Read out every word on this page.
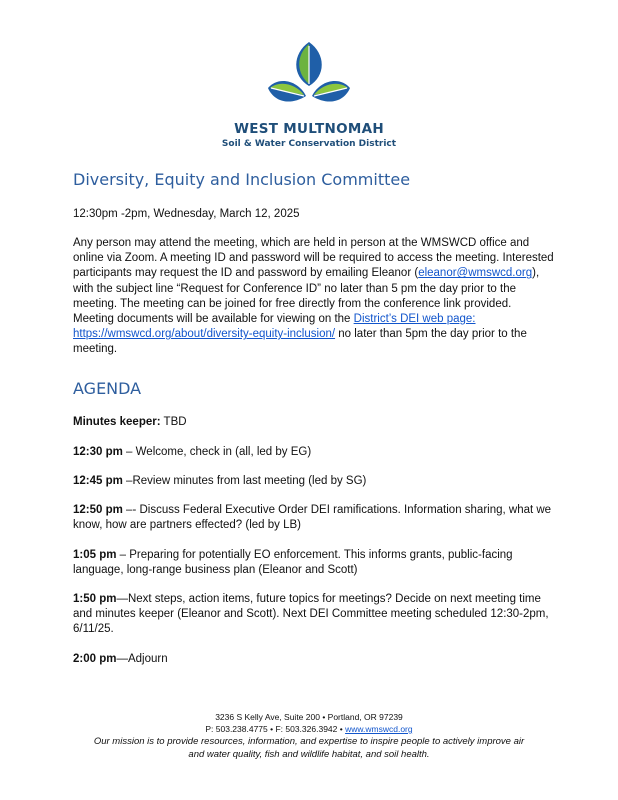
WEST MULTNOMAH
Soil & Water Conservation District
Diversity, Equity and Inclusion Committee
12:30pm -2pm, Wednesday, March 12, 2025
Any person may attend the meeting, which are held in person at the WMSWCD office and
online via Zoom. A meeting ID and password will be required to access the meeting. Interested
participants may request the ID and password by emailing Eleanor (eleanor@wmswcd.org),
with the subject line “Request for Conference ID” no later than 5 pm the day prior to the
meeting. The meeting can be joined for free directly from the conference link provided.
Meeting documents will be available for viewing on the District’s DEI web page:
https://wmswcd.org/about/diversity-equity-inclusion/ no later than 5pm the day prior to the
meeting.
AGENDA
Minutes keeper: TBD
12:30 pm – Welcome, check in (all, led by EG)
12:45 pm –Review minutes from last meeting (led by SG)
12:50 pm –- Discuss Federal Executive Order DEI ramifications. Information sharing, what we
know, how are partners effected? (led by LB)
1:05 pm – Preparing for potentially EO enforcement. This informs grants, public-facing
language, long-range business plan (Eleanor and Scott)
1:50 pm—Next steps, action items, future topics for meetings? Decide on next meeting time
and minutes keeper (Eleanor and Scott). Next DEI Committee meeting scheduled 12:30-2pm,
6/11/25.
2:00 pm—Adjourn
3236 S Kelly Ave, Suite 200 • Portland, OR 97239
P: 503.238.4775 • F: 503.326.3942 • www.wmswcd.org
Our mission is to provide resources, information, and expertise to inspire people to actively improve air
and water quality, fish and wildlife habitat, and soil health.
